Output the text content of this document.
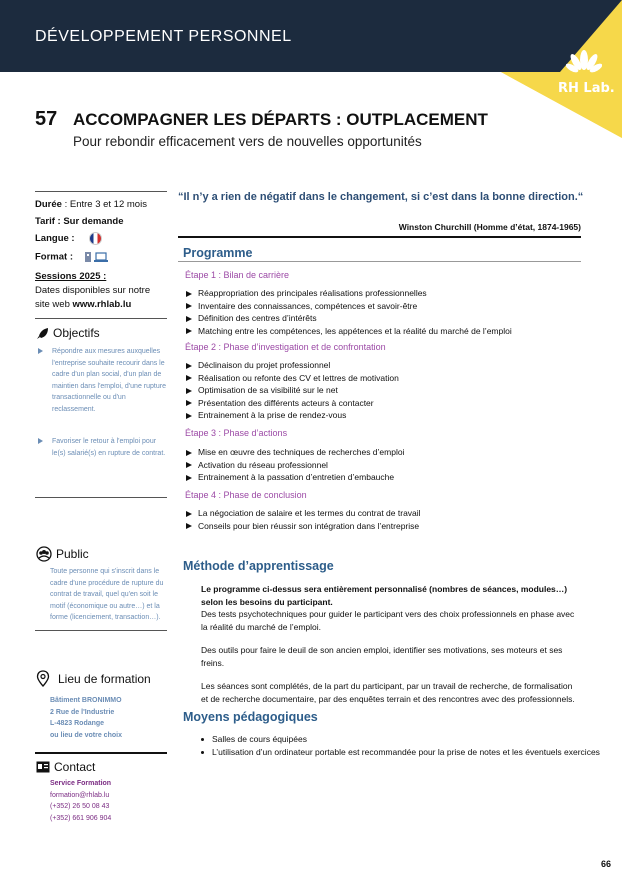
DÉVELOPPEMENT PERSONNEL
RH Lab.
57 ACCOMPAGNER LES DÉPARTS : OUTPLACEMENT
Pour rebondir efficacement vers de nouvelles opportunités
Durée : Entre 3 et 12 mois
Tarif : Sur demande
Langue :
Format :
Sessions 2025 :
Dates disponibles sur notre site web www.rhlab.lu
Objectifs

Répondre aux mesures auxquelles l'entreprise souhaite recourir dans le cadre d'un plan social, d'un plan de maintien dans l'emploi, d'une rupture transactionnelle ou d'un reclassement.

Favoriser le retour à l'emploi pour le(s) salarié(s) en rupture de contrat.

Public
Toute personne qui s'inscrit dans le cadre d'une procédure de rupture du contrat de travail, quel qu'en soit le motif (économique ou autre…) et la forme (licenciement, transaction…).
Lieu de formation
Bâtiment BRONIMMO
2 Rue de l'Industrie
L-4823 Rodange
ou lieu de votre choix
Contact
Service Formation
formation@rhlab.lu
(+352) 26 50 08 43
(+352) 661 906 904
“Il n’y a rien de négatif dans le changement, si c’est dans la bonne direction.“
Winston Churchill (Homme d’état, 1874-1965)
Programme
Étape 1 : Bilan de carrière
Réappropriation des principales réalisations professionnelles
Inventaire des connaissances, compétences et savoir-être
Définition des centres d’intérêts
Matching entre les compétences, les appétences et la réalité du marché de l’emploi
Étape 2 : Phase d’investigation et de confrontation
Déclinaison du projet professionnel
Réalisation ou refonte des CV et lettres de motivation
Optimisation de sa visibilité sur le net
Présentation des différents acteurs à contacter
Entrainement à la prise de rendez-vous
Étape 3 : Phase d’actions
Mise en œuvre des techniques de recherches d’emploi
Activation du réseau professionnel
Entrainement à la passation d’entretien d’embauche
Étape 4 : Phase de conclusion
La négociation de salaire et les termes du contrat de travail
Conseils pour bien réussir son intégration dans l’entreprise
Méthode d’apprentissage

Le programme ci-dessus sera entièrement personnalisé (nombres de séances, modules…) selon les besoins du participant.

Des tests psychotechniques pour guider le participant vers des choix professionnels en phase avec la réalité du marché de l’emploi.

Des outils pour faire le deuil de son ancien emploi, identifier ses motivations, ses moteurs et ses freins.

Les séances sont complétés, de la part du participant, par un travail de recherche, de formalisation et de recherche documentaire, par des enquêtes terrain et des rencontres avec des professionnels.

Moyens pédagogiques
Salles de cours équipées
L’utilisation d’un ordinateur portable est recommandée pour la prise de notes et les éventuels exercices
66
